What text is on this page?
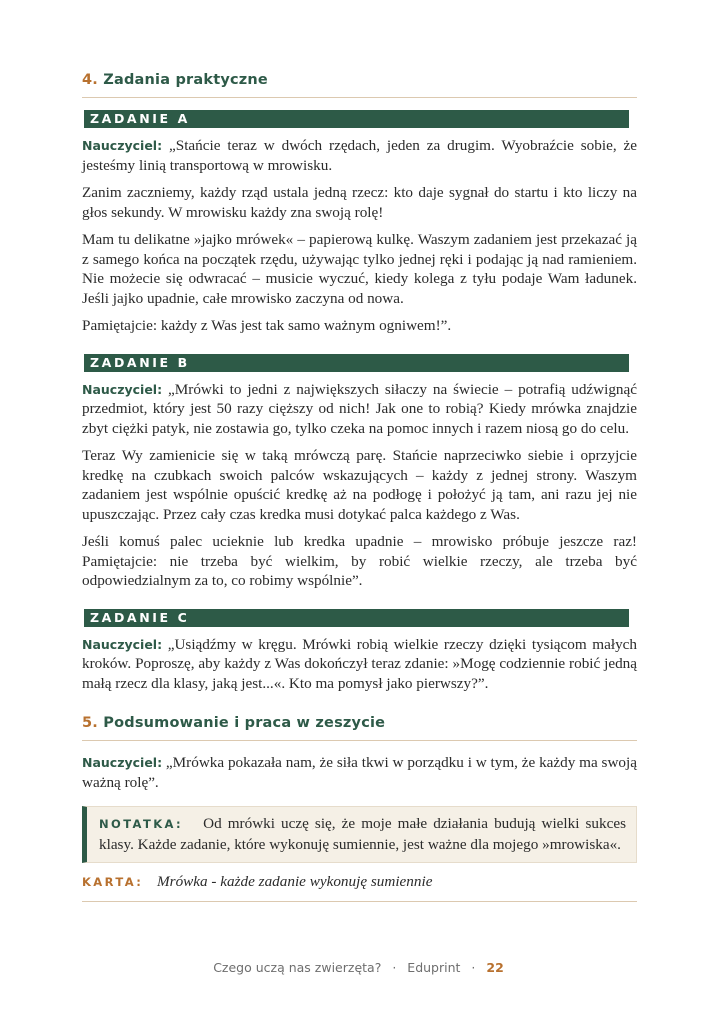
4. Zadania praktyczne
ZADANIE A

Nauczyciel: „Stańcie teraz w dwóch rzędach, jeden za drugim. Wyobraźcie sobie, że jesteśmy linią transportową w mrowisku.

Zanim zaczniemy, każdy rząd ustala jedną rzecz: kto daje sygnał do startu i kto liczy na głos sekundy. W mrowisku każdy zna swoją rolę!

Mam tu delikatne »jajko mrówek« – papierową kulkę. Waszym zadaniem jest przekazać ją z samego końca na początek rzędu, używając tylko jednej ręki i podając ją nad ramieniem. Nie możecie się odwracać – musicie wyczuć, kiedy kolega z tyłu podaje Wam ładunek. Jeśli jajko upadnie, całe mrowisko zaczyna od nowa.

Pamiętajcie: każdy z Was jest tak samo ważnym ogniwem!”.

ZADANIE B

Nauczyciel: „Mrówki to jedni z największych siłaczy na świecie – potrafią udźwignąć przedmiot, który jest 50 razy cięższy od nich! Jak one to robią? Kiedy mrówka znajdzie zbyt ciężki patyk, nie zostawia go, tylko czeka na pomoc innych i razem niosą go do celu.

Teraz Wy zamienicie się w taką mrówczą parę. Stańcie naprzeciwko siebie i oprzyjcie kredkę na czubkach swoich palców wskazujących – każdy z jednej strony. Waszym zadaniem jest wspólnie opuścić kredkę aż na podłogę i położyć ją tam, ani razu jej nie upuszczając. Przez cały czas kredka musi dotykać palca każdego z Was.

Jeśli komuś palec ucieknie lub kredka upadnie – mrowisko próbuje jeszcze raz! Pamiętajcie: nie trzeba być wielkim, by robić wielkie rzeczy, ale trzeba być odpowiedzialnym za to, co robimy wspólnie”.

ZADANIE C

Nauczyciel: „Usiądźmy w kręgu. Mrówki robią wielkie rzeczy dzięki tysiącom małych kroków. Poproszę, aby każdy z Was dokończył teraz zdanie: »Mogę codziennie robić jedną małą rzecz dla klasy, jaką jest...«. Kto ma pomysł jako pierwszy?”.

5. Podsumowanie i praca w zeszycie

Nauczyciel: „Mrówka pokazała nam, że siła tkwi w porządku i w tym, że każdy ma swoją ważną rolę”.

NOTATKA: Od mrówki uczę się, że moje małe działania budują wielki sukces klasy. Każde zadanie, które wykonuję sumiennie, jest ważne dla mojego »mrowiska«.

KARTA: Mrówka - każde zadanie wykonuję sumiennie
Czego uczą nas zwierzęta? · Eduprint · 22
